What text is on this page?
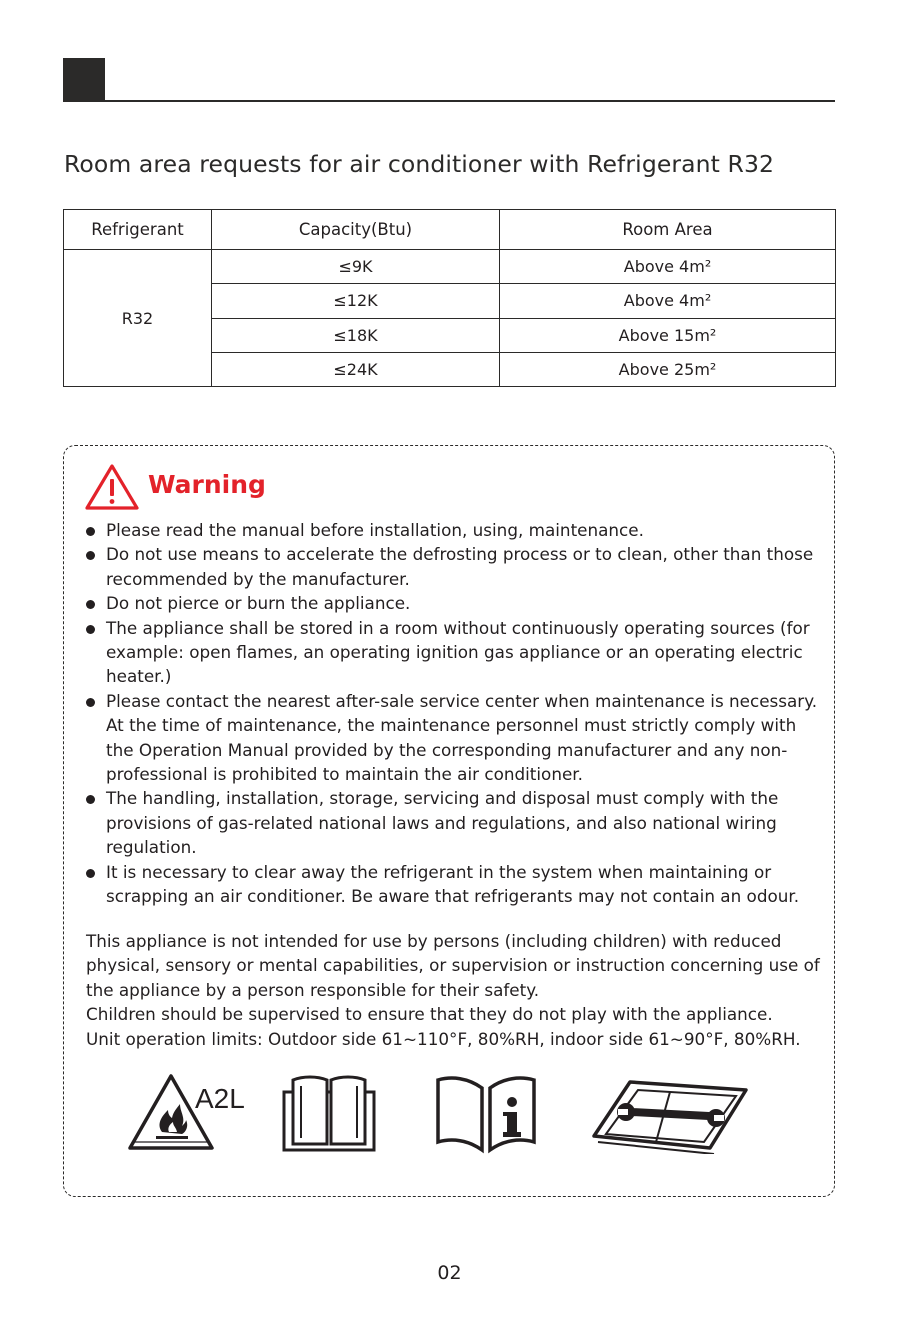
Room area requests for air conditioner with Refrigerant R32
Refrigerant	Capacity(Btu)	Room Area
R32	≤9K	Above 4m²
	≤12K	Above 4m²
	≤18K	Above 15m²
	≤24K	Above 25m²
Warning
Please read the manual before installation, using, maintenance.
Do not use means to accelerate the defrosting process or to clean, other than those recommended by the manufacturer.
Do not pierce or burn the appliance.
The appliance shall be stored in a room without continuously operating sources (for example: open flames, an operating ignition gas appliance or an operating electric heater.)
Please contact the nearest after-sale service center when maintenance is necessary. At the time of maintenance, the maintenance personnel must strictly comply with the Operation Manual provided by the corresponding manufacturer and any non-professional is prohibited to maintain the air conditioner.
The handling, installation, storage, servicing and disposal must comply with the provisions of gas-related national laws and regulations, and also national wiring regulation.
It is necessary to clear away the refrigerant in the system when maintaining or scrapping an air conditioner. Be aware that refrigerants may not contain an odour.

This appliance is not intended for use by persons (including children) with reduced physical, sensory or mental capabilities, or supervision or instruction concerning use of the appliance by a person responsible for their safety.

Children should be supervised to ensure that they do not play with the appliance.

Unit operation limits: Outdoor side 61~110°F, 80%RH, indoor side 61~90°F, 80%RH.

A2L
02
